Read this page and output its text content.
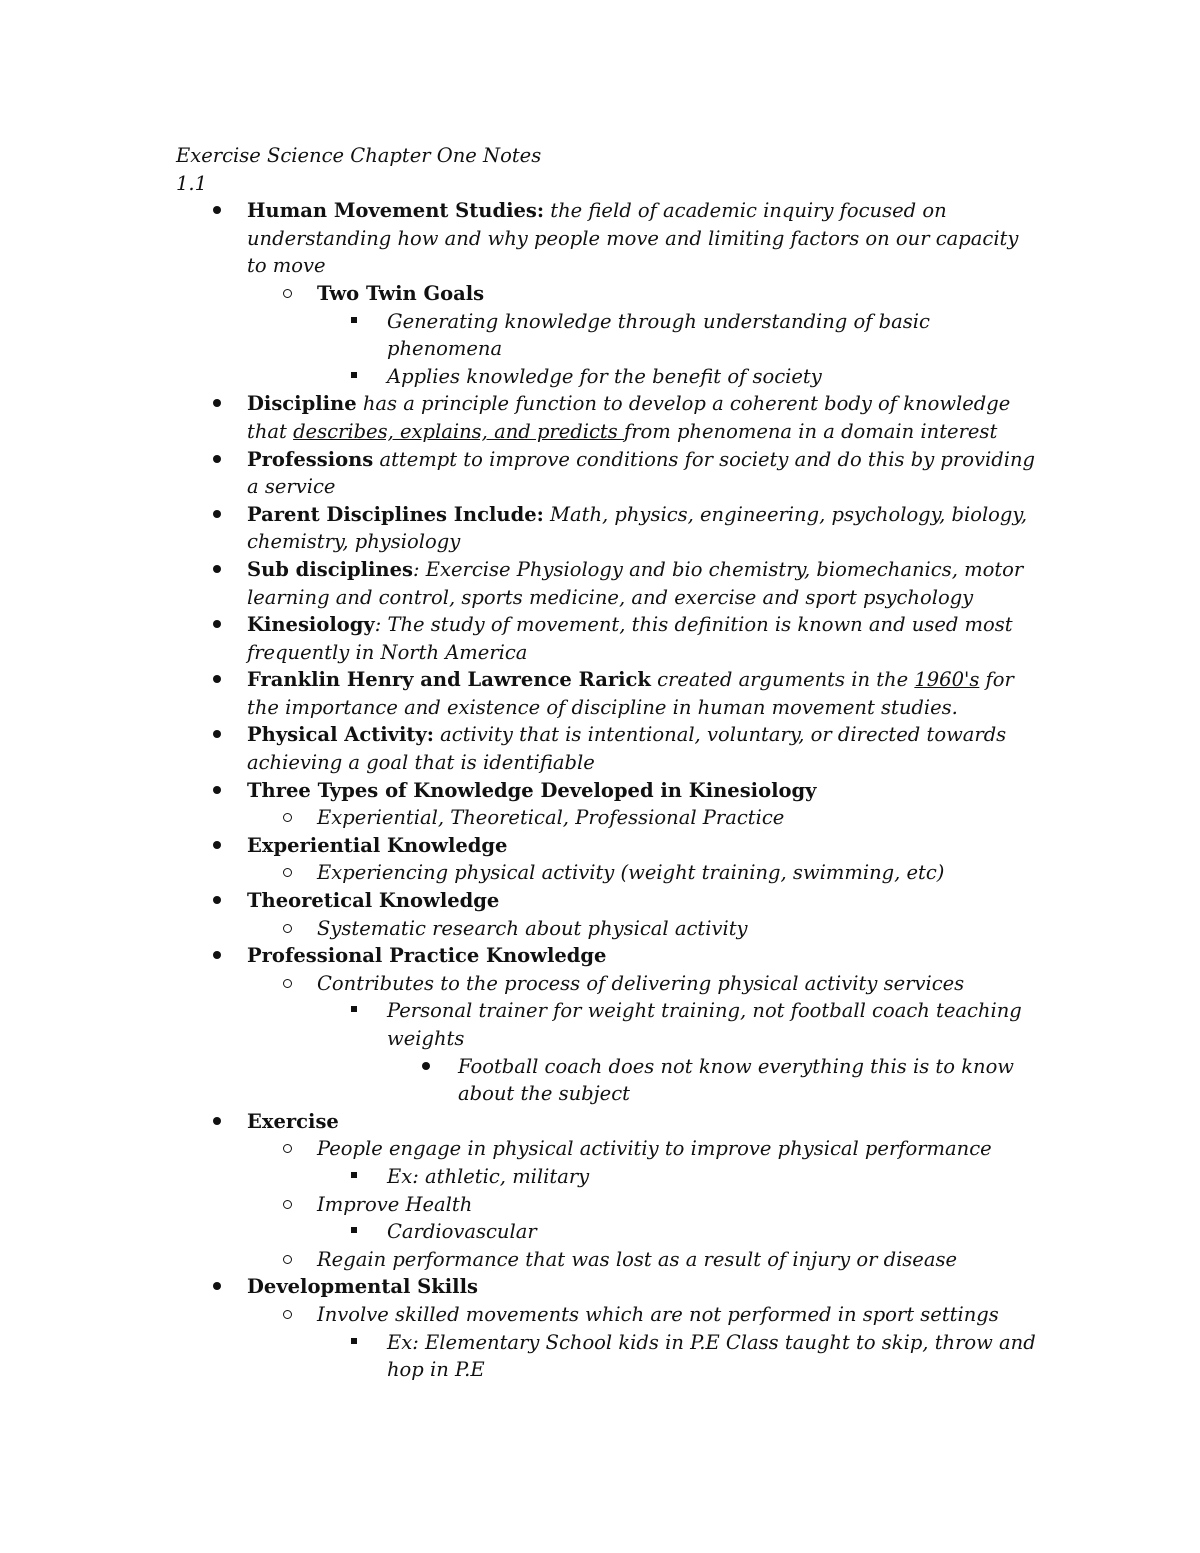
Exercise Science Chapter One Notes

1.1

Human Movement Studies: the field of academic inquiry focused on understanding how and why people move and limiting factors on our capacity to move
Two Twin Goals
Generating knowledge through understanding of basic phenomena
Applies knowledge for the benefit of society
Discipline has a principle function to develop a coherent body of knowledge that describes, explains, and predicts from phenomena in a domain interest
Professions attempt to improve conditions for society and do this by providing a service
Parent Disciplines Include: Math, physics, engineering, psychology, biology, chemistry, physiology
Sub disciplines: Exercise Physiology and bio chemistry, biomechanics, motor learning and control, sports medicine, and exercise and sport psychology
Kinesiology: The study of movement, this definition is known and used most frequently in North America
Franklin Henry and Lawrence Rarick created arguments in the 1960's for the importance and existence of discipline in human movement studies.
Physical Activity: activity that is intentional, voluntary, or directed towards achieving a goal that is identifiable
Three Types of Knowledge Developed in Kinesiology
Experiential, Theoretical, Professional Practice
Experiential Knowledge
Experiencing physical activity (weight training, swimming, etc)
Theoretical Knowledge
Systematic research about physical activity
Professional Practice Knowledge
Contributes to the process of delivering physical activity services
Personal trainer for weight training, not football coach teaching weights
Football coach does not know everything this is to know about the subject
Exercise
People engage in physical activitiy to improve physical performance
Ex: athletic, military
Improve Health
Cardiovascular
Regain performance that was lost as a result of injury or disease
Developmental Skills
Involve skilled movements which are not performed in sport settings
Ex: Elementary School kids in P.E Class taught to skip, throw and hop in P.E
